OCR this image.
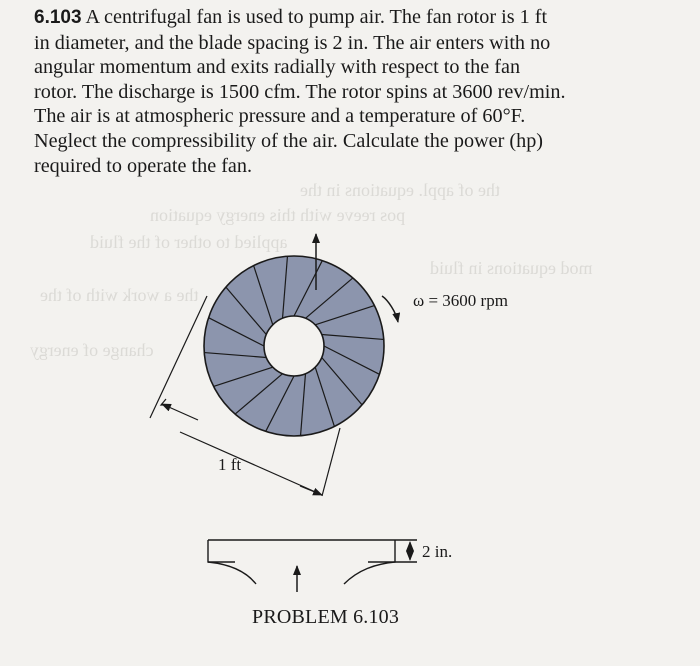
the of appl. equations in the
pos reeve with this energy equation
applied to other of the fluid
mod equations in fluid
the a work with of the
change of energy
6.103 A centrifugal fan is used to pump air. The fan rotor is 1 ft
in diameter, and the blade spacing is 2 in. The air enters with no
angular momentum and exits radially with respect to the fan
rotor. The discharge is 1500 cfm. The rotor spins at 3600 rev/min.
The air is at atmospheric pressure and a temperature of 60°F.
Neglect the compressibility of the air. Calculate the power (hp)
required to operate the fan.
ω = 3600 rpm
1 ft
2 in.
PROBLEM 6.103
